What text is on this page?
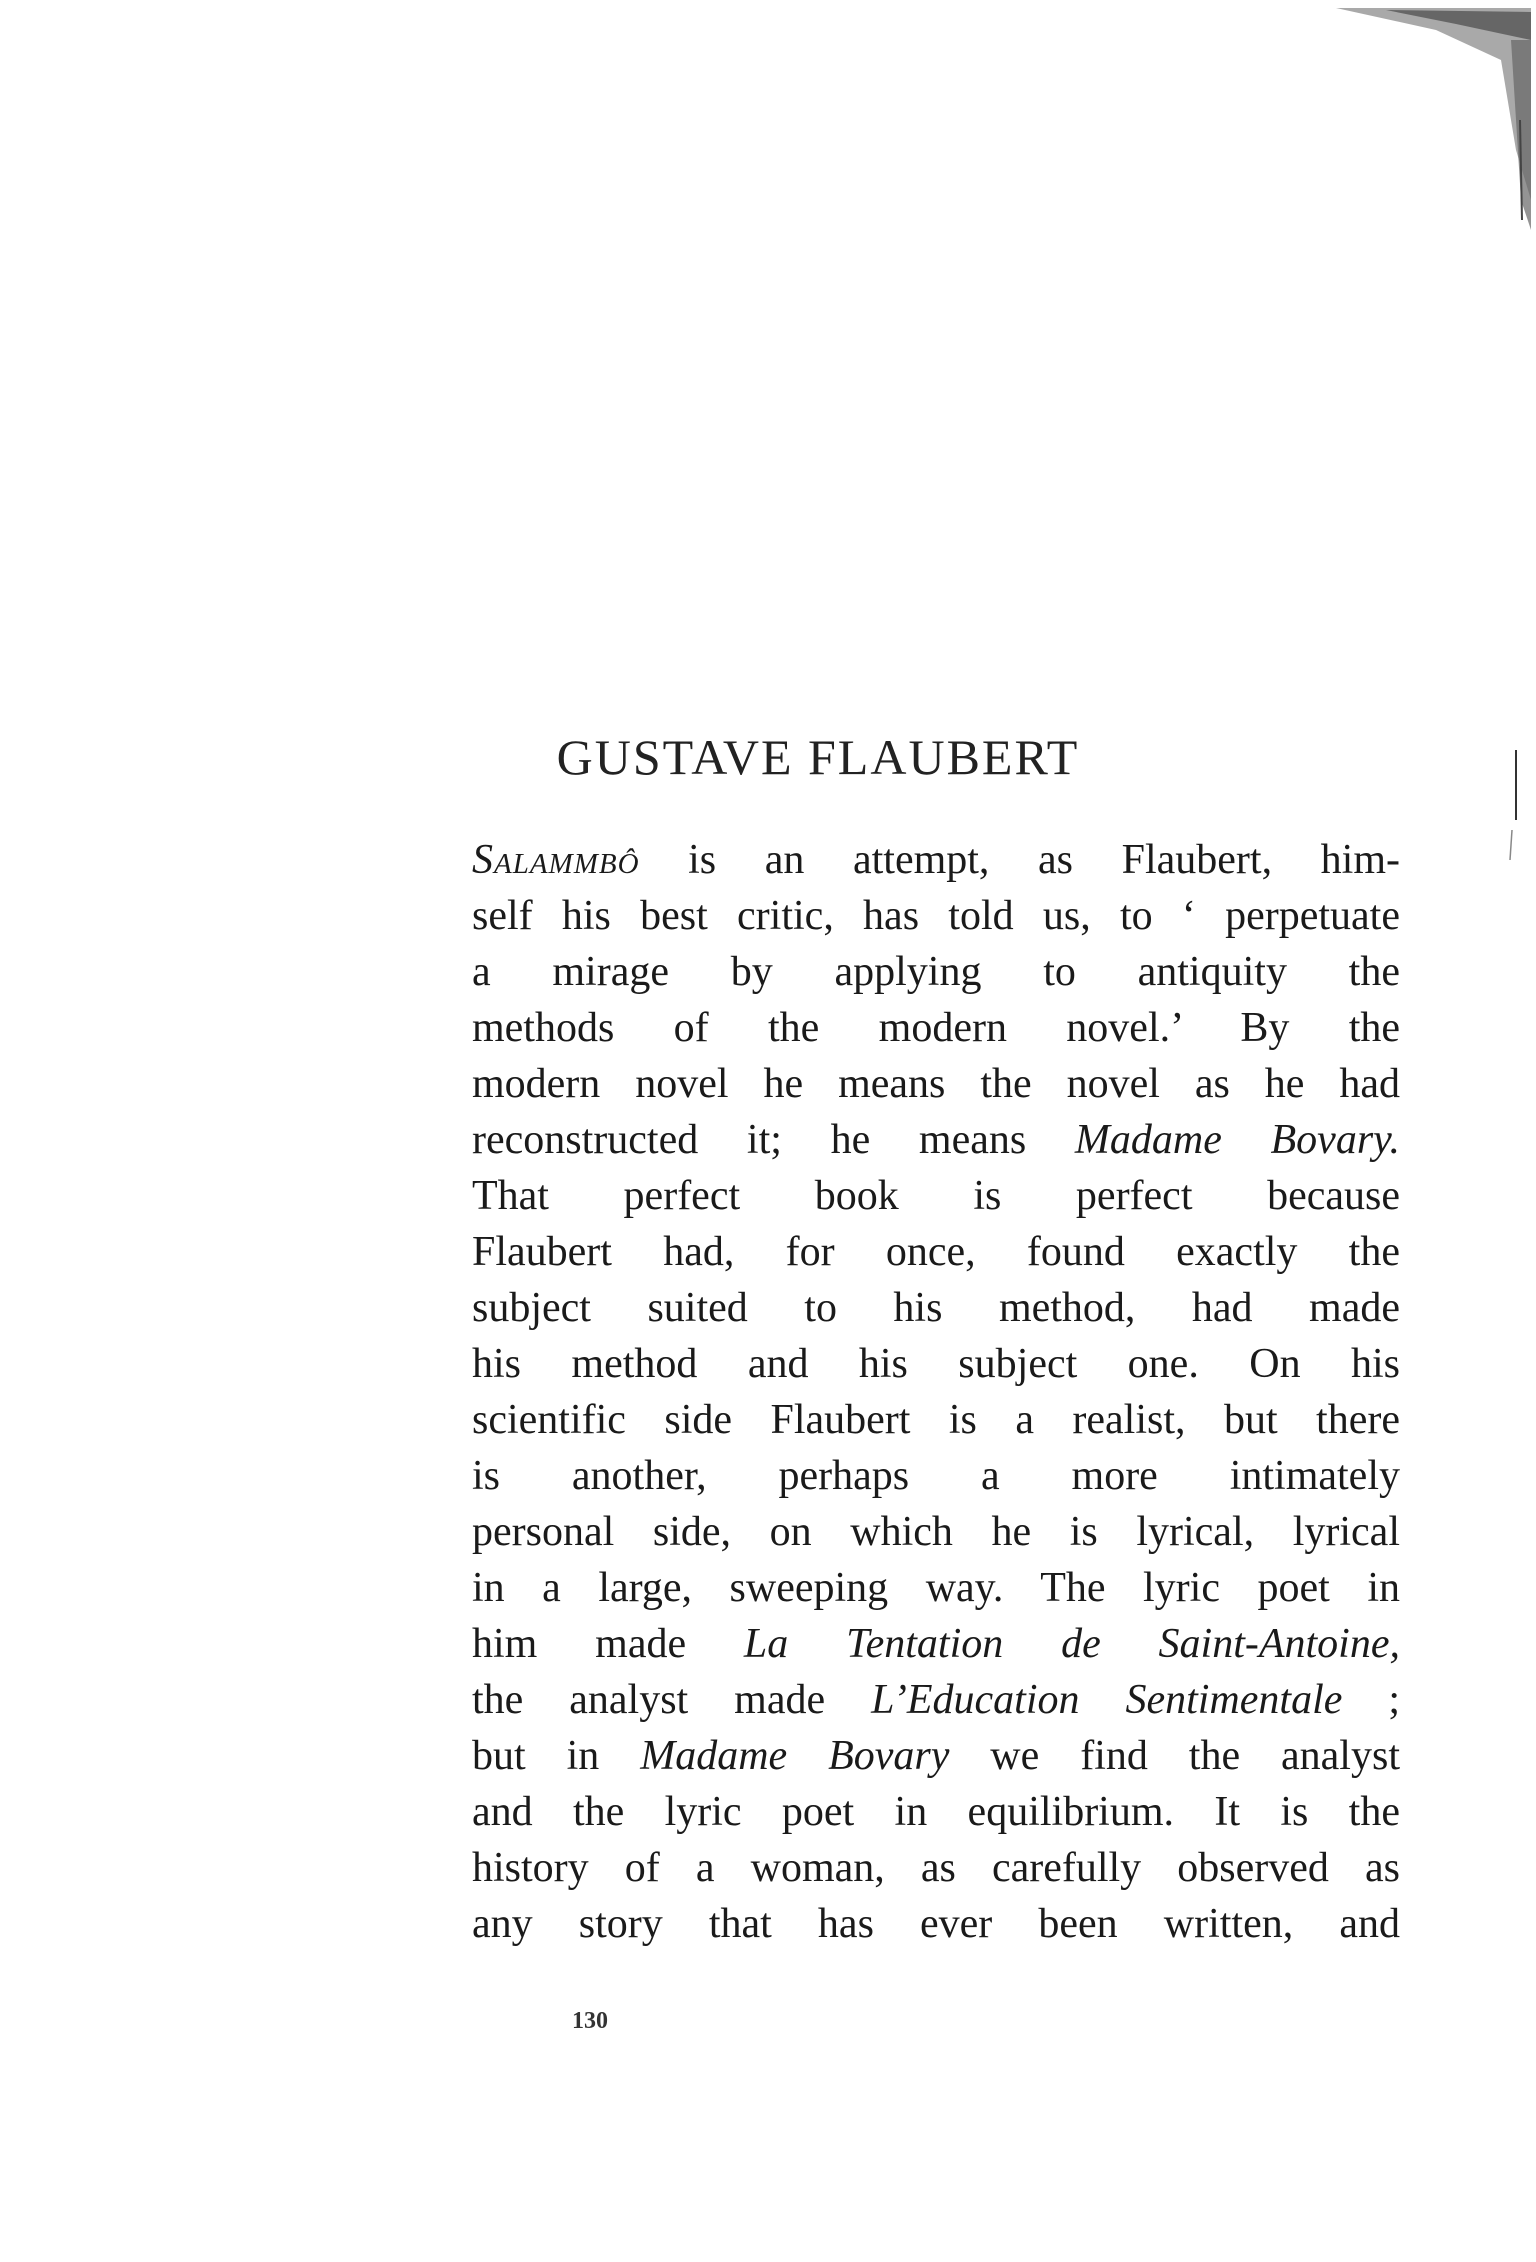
GUSTAVE FLAUBERT
Salammbô is an attempt, as Flaubert, him-
self his best critic, has told us, to ‘ perpetuate
a mirage by applying to antiquity the
methods of the modern novel.’ By the
modern novel he means the novel as he had
reconstructed it; he means Madame Bovary.
That perfect book is perfect because
Flaubert had, for once, found exactly the
subject suited to his method, had made
his method and his subject one. On his
scientific side Flaubert is a realist, but there
is another, perhaps a more intimately
personal side, on which he is lyrical, lyrical
in a large, sweeping way. The lyric poet in
him made La Tentation de Saint-Antoine,
the analyst made L’Education Sentimentale ;
but in Madame Bovary we find the analyst
and the lyric poet in equilibrium. It is the
history of a woman, as carefully observed as
any story that has ever been written, and
130
